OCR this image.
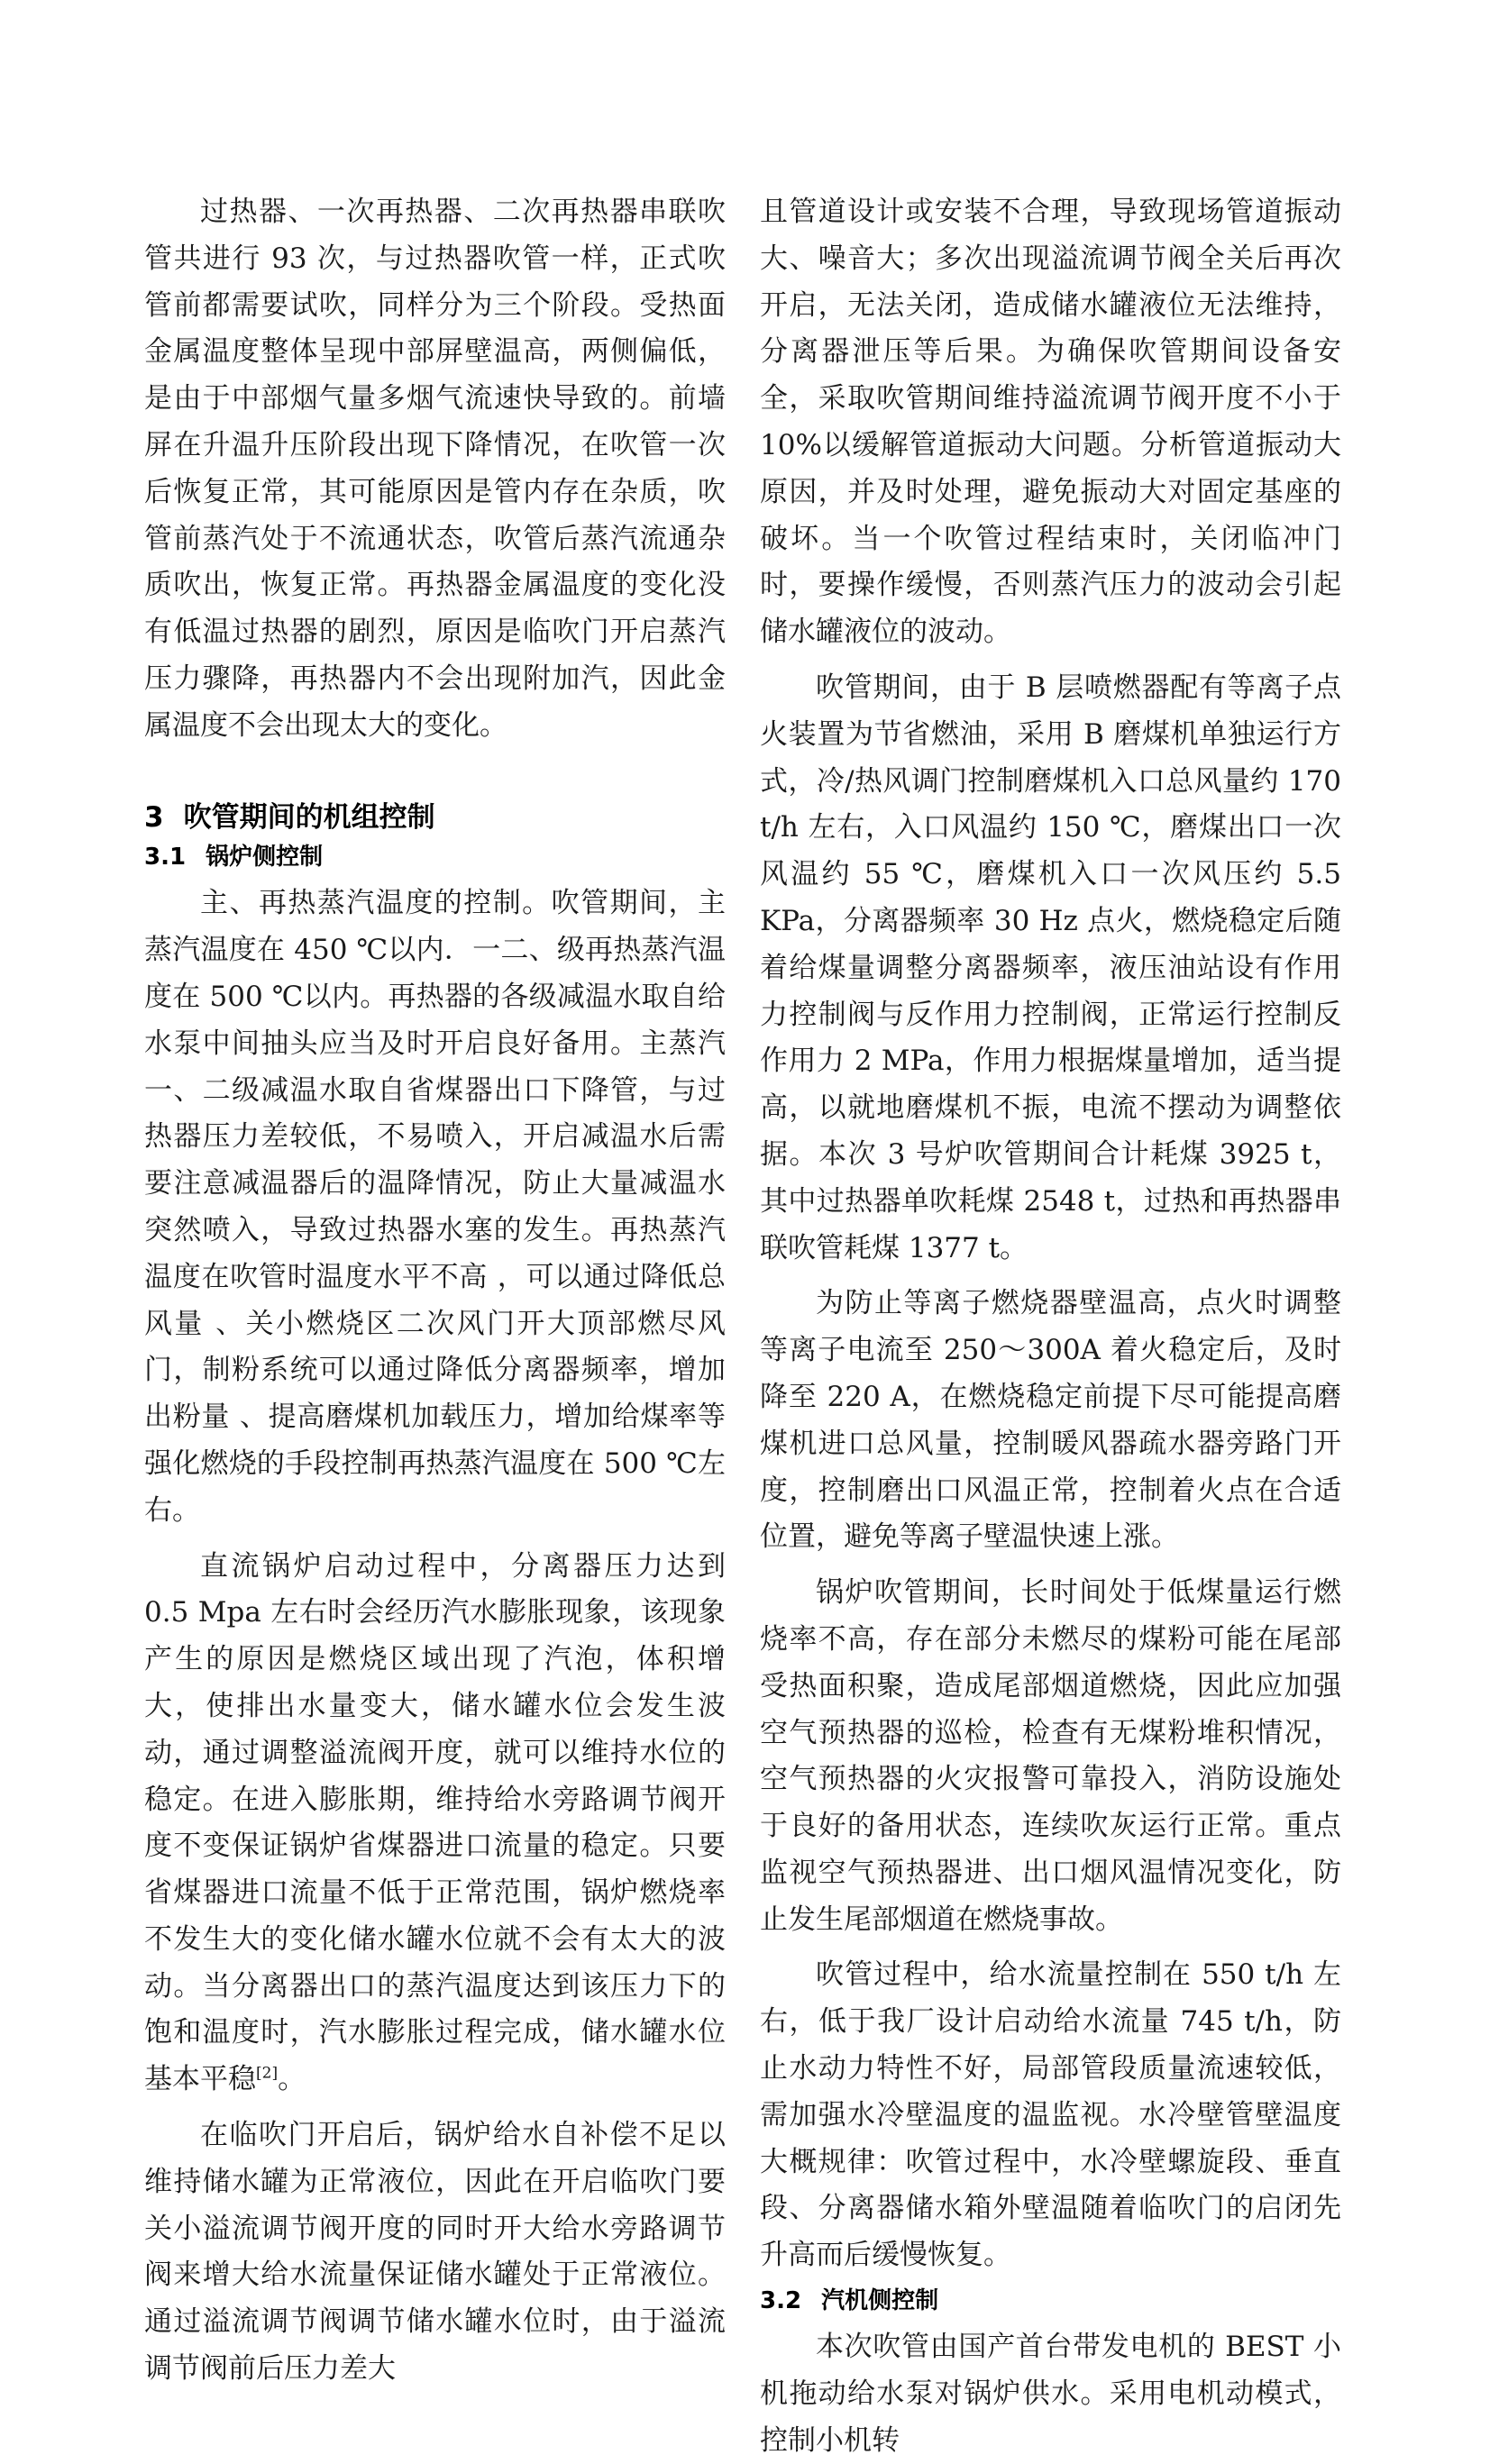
过热器、一次再热器、二次再热器串联吹管共进行 93 次，与过热器吹管一样，正式吹管前都需要试吹，同样分为三个阶段。受热面金属温度整体呈现中部屏壁温高，两侧偏低，是由于中部烟气量多烟气流速快导致的。前墙屏在升温升压阶段出现下降情况，在吹管一次后恢复正常，其可能原因是管内存在杂质，吹管前蒸汽处于不流通状态，吹管后蒸汽流通杂质吹出，恢复正常。再热器金属温度的变化没有低温过热器的剧烈，原因是临吹门开启蒸汽压力骤降，再热器内不会出现附加汽，因此金属温度不会出现太大的变化。

3 吹管期间的机组控制
3.1 锅炉侧控制

主、再热蒸汽温度的控制。吹管期间，主蒸汽温度在 450 ℃以内．一二、级再热蒸汽温度在 500 ℃以内。再热器的各级减温水取自给水泵中间抽头应当及时开启良好备用。主蒸汽一、二级减温水取自省煤器出口下降管，与过热器压力差较低，不易喷入，开启减温水后需要注意减温器后的温降情况，防止大量减温水突然喷入，导致过热器水塞的发生。再热蒸汽温度在吹管时温度水平不高 ，可以通过降低总风量 、关小燃烧区二次风门开大顶部燃尽风门，制粉系统可以通过降低分离器频率，增加出粉量 、提高磨煤机加载压力，增加给煤率等强化燃烧的手段控制再热蒸汽温度在 500 ℃左右。

直流锅炉启动过程中，分离器压力达到 0.5 Mpa 左右时会经历汽水膨胀现象，该现象产生的原因是燃烧区域出现了汽泡，体积增大，使排出水量变大，储水罐水位会发生波动，通过调整溢流阀开度，就可以维持水位的稳定。在进入膨胀期，维持给水旁路调节阀开度不变保证锅炉省煤器进口流量的稳定。只要省煤器进口流量不低于正常范围，锅炉燃烧率不发生大的变化储水罐水位就不会有太大的波动。当分离器出口的蒸汽温度达到该压力下的饱和温度时，汽水膨胀过程完成，储水罐水位基本平稳[2]。

在临吹门开启后，锅炉给水自补偿不足以维持储水罐为正常液位，因此在开启临吹门要关小溢流调节阀开度的同时开大给水旁路调节阀来增大给水流量保证储水罐处于正常液位。通过溢流调节阀调节储水罐水位时，由于溢流调节阀前后压力差大

且管道设计或安装不合理，导致现场管道振动大、噪音大；多次出现溢流调节阀全关后再次开启，无法关闭，造成储水罐液位无法维持，分离器泄压等后果。为确保吹管期间设备安全，采取吹管期间维持溢流调节阀开度不小于 10%以缓解管道振动大问题。分析管道振动大原因，并及时处理，避免振动大对固定基座的破坏。当一个吹管过程结束时，关闭临冲门时，要操作缓慢，否则蒸汽压力的波动会引起储水罐液位的波动。

吹管期间，由于 B 层喷燃器配有等离子点火装置为节省燃油，采用 B 磨煤机单独运行方式，冷/热风调门控制磨煤机入口总风量约 170 t/h 左右，入口风温约 150 ℃，磨煤出口一次风温约 55 ℃，磨煤机入口一次风压约 5.5 KPa，分离器频率 30 Hz 点火，燃烧稳定后随着给煤量调整分离器频率，液压油站设有作用力控制阀与反作用力控制阀，正常运行控制反作用力 2 MPa，作用力根据煤量增加，适当提高，以就地磨煤机不振，电流不摆动为调整依据。本次 3 号炉吹管期间合计耗煤 3925 t，其中过热器单吹耗煤 2548 t，过热和再热器串联吹管耗煤 1377 t。

为防止等离子燃烧器壁温高，点火时调整等离子电流至 250～300A 着火稳定后，及时降至 220 A，在燃烧稳定前提下尽可能提高磨煤机进口总风量，控制暖风器疏水器旁路门开度，控制磨出口风温正常，控制着火点在合适位置，避免等离子壁温快速上涨。

锅炉吹管期间，长时间处于低煤量运行燃烧率不高，存在部分未燃尽的煤粉可能在尾部受热面积聚，造成尾部烟道燃烧，因此应加强空气预热器的巡检，检查有无煤粉堆积情况，空气预热器的火灾报警可靠投入，消防设施处于良好的备用状态，连续吹灰运行正常。重点监视空气预热器进、出口烟风温情况变化，防止发生尾部烟道在燃烧事故。

吹管过程中，给水流量控制在 550 t/h 左右，低于我厂设计启动给水流量 745 t/h，防止水动力特性不好，局部管段质量流速较低，需加强水冷壁温度的温监视。水冷壁管壁温度大概规律：吹管过程中，水冷壁螺旋段、垂直段、分离器储水箱外壁温随着临吹门的启闭先升高而后缓慢恢复。

3.2 汽机侧控制

本次吹管由国产首台带发电机的 BEST 小机拖动给水泵对锅炉供水。采用电机动模式，控制小机转
